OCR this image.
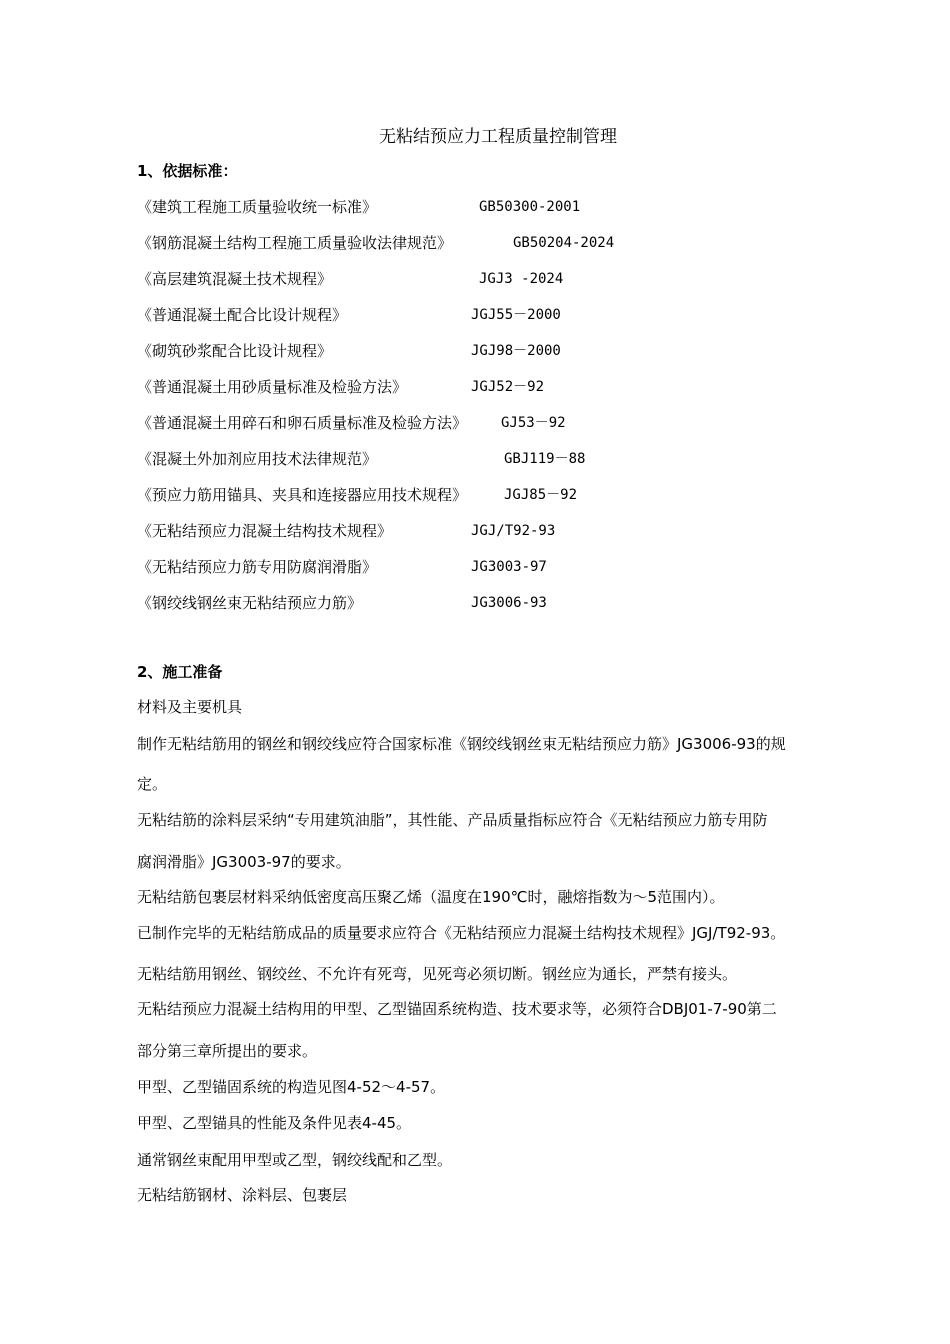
无粘结预应力工程质量控制管理
1、依据标准：
《建筑工程施工质量验收统一标准》	GB50300-2001
《钢筋混凝土结构工程施工质量验收法律规范》	GB50204-2024
《高层建筑混凝土技术规程》	JGJ3 -2024
《普通混凝土配合比设计规程》	JGJ55－2000
《砌筑砂浆配合比设计规程》	JGJ98－2000
《普通混凝土用砂质量标准及检验方法》	JGJ52－92
《普通混凝土用碎石和卵石质量标准及检验方法》 GJ53－92
《混凝土外加剂应用技术法律规范》	GBJ119－88
《预应力筋用锚具、夹具和连接器应用技术规程》	JGJ85－92
《无粘结预应力混凝土结构技术规程》	JGJ/T92-93
《无粘结预应力筋专用防腐润滑脂》	JG3003-97
《钢绞线钢丝束无粘结预应力筋》	JG3006-93
2、施工准备
材料及主要机具
制作无粘结筋用的钢丝和钢绞线应符合国家标准《钢绞线钢丝束无粘结预应力筋》JG3006-93的规
定。
无粘结筋的涂料层采纳“专用建筑油脂”，其性能、产品质量指标应符合《无粘结预应力筋专用防
腐润滑脂》JG3003-97的要求。
无粘结筋包裹层材料采纳低密度高压聚乙烯（温度在190℃时，融熔指数为～5范围内）。
已制作完毕的无粘结筋成品的质量要求应符合《无粘结预应力混凝土结构技术规程》JGJ/T92-93。
无粘结筋用钢丝、钢绞丝、不允许有死弯，见死弯必须切断。钢丝应为通长，严禁有接头。
无粘结预应力混凝土结构用的甲型、乙型锚固系统构造、技术要求等，必须符合DBJ01-7-90第二
部分第三章所提出的要求。
甲型、乙型锚固系统的构造见图4-52～4-57。
甲型、乙型锚具的性能及条件见表4-45。
通常钢丝束配用甲型或乙型，钢绞线配和乙型。
无粘结筋钢材、涂料层、包裹层
